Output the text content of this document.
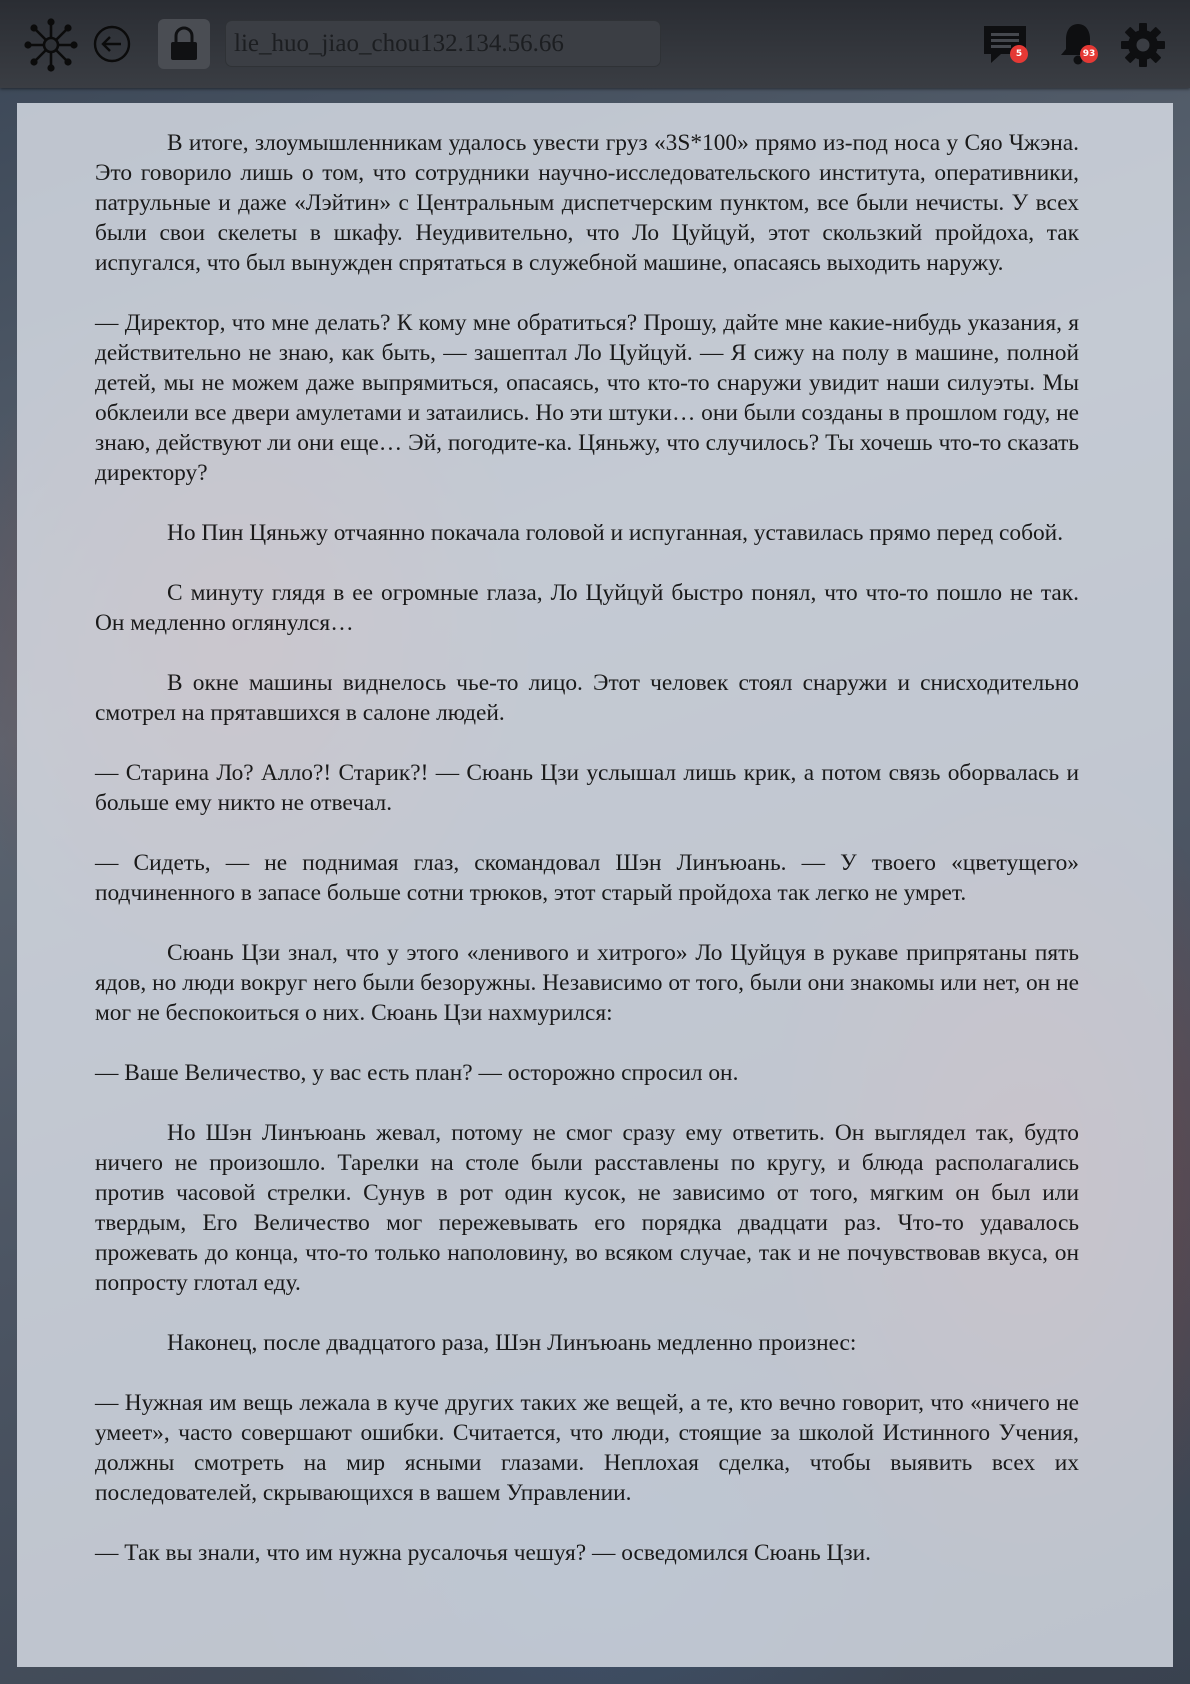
lie_huo_jiao_chou132.134.56.66	5	93

В итоге, злоумышленникам удалось увести груз «3S*100» прямо из-под носа у Сяо Чжэна. Это говорило лишь о том, что сотрудники научно-исследовательского института, оперативники, патрульные и даже «Лэйтин» с Центральным диспетчерским пунктом, все были нечисты. У всех были свои скелеты в шкафу. Неудивительно, что Ло Цуйцуй, этот скользкий пройдоха, так испугался, что был вынужден спрятаться в служебной машине, опасаясь выходить наружу.

— Директор, что мне делать? К кому мне обратиться? Прошу, дайте мне какие-нибудь указания, я действительно не знаю, как быть, — зашептал Ло Цуйцуй. — Я сижу на полу в машине, полной детей, мы не можем даже выпрямиться, опасаясь, что кто-то снаружи увидит наши силуэты. Мы обклеили все двери амулетами и затаились. Но эти штуки… они были созданы в прошлом году, не знаю, действуют ли они еще… Эй, погодите-ка. Цяньжу, что случилось? Ты хочешь что-то сказать директору?

Но Пин Цяньжу отчаянно покачала головой и испуганная, уставилась прямо перед собой.

С минуту глядя в ее огромные глаза, Ло Цуйцуй быстро понял, что что-то пошло не так. Он медленно оглянулся…

В окне машины виднелось чье-то лицо. Этот человек стоял снаружи и снисходительно смотрел на прятавшихся в салоне людей.

— Старина Ло? Алло?! Старик?! — Сюань Цзи услышал лишь крик, а потом связь оборвалась и больше ему никто не отвечал.

— Сидеть, — не поднимая глаз, скомандовал Шэн Линъюань. — У твоего «цветущего» подчиненного в запасе больше сотни трюков, этот старый пройдоха так легко не умрет.

Сюань Цзи знал, что у этого «ленивого и хитрого» Ло Цуйцуя в рукаве припрятаны пять ядов, но люди вокруг него были безоружны. Независимо от того, были они знакомы или нет, он не мог не беспокоиться о них. Сюань Цзи нахмурился:

— Ваше Величество, у вас есть план? — осторожно спросил он.

Но Шэн Линъюань жевал, потому не смог сразу ему ответить. Он выглядел так, будто ничего не произошло. Тарелки на столе были расставлены по кругу, и блюда располагались против часовой стрелки. Сунув в рот один кусок, не зависимо от того, мягким он был или твердым, Его Величество мог пережевывать его порядка двадцати раз. Что-то удавалось прожевать до конца, что-то только наполовину, во всяком случае, так и не почувствовав вкуса, он попросту глотал еду.

Наконец, после двадцатого раза, Шэн Линъюань медленно произнес:

— Нужная им вещь лежала в куче других таких же вещей, а те, кто вечно говорит, что «ничего не умеет», часто совершают ошибки. Считается, что люди, стоящие за школой Истинного Учения, должны смотреть на мир ясными глазами. Неплохая сделка, чтобы выявить всех их последователей, скрывающихся в вашем Управлении.

— Так вы знали, что им нужна русалочья чешуя? — осведомился Сюань Цзи.
